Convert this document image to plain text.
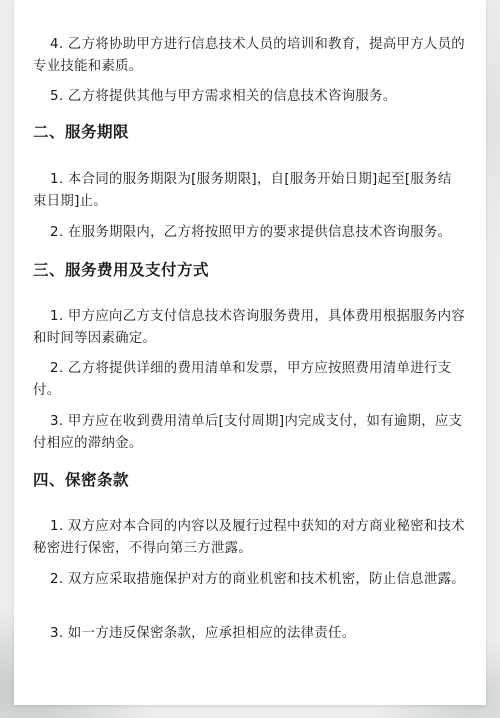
4. 乙方将协助甲方进行信息技术人员的培训和教育，提高甲方人员的专业技能和素质。

5. 乙方将提供其他与甲方需求相关的信息技术咨询服务。

二、服务期限

1. 本合同的服务期限为[服务期限]，自[服务开始日期]起至[服务结束日期]止。

2. 在服务期限内，乙方将按照甲方的要求提供信息技术咨询服务。

三、服务费用及支付方式

1. 甲方应向乙方支付信息技术咨询服务费用，具体费用根据服务内容和时间等因素确定。

2. 乙方将提供详细的费用清单和发票，甲方应按照费用清单进行支付。

3. 甲方应在收到费用清单后[支付周期]内完成支付，如有逾期，应支付相应的滞纳金。

四、保密条款

1. 双方应对本合同的内容以及履行过程中获知的对方商业秘密和技术秘密进行保密，不得向第三方泄露。

2. 双方应采取措施保护对方的商业机密和技术机密，防止信息泄露。

3. 如一方违反保密条款，应承担相应的法律责任。
